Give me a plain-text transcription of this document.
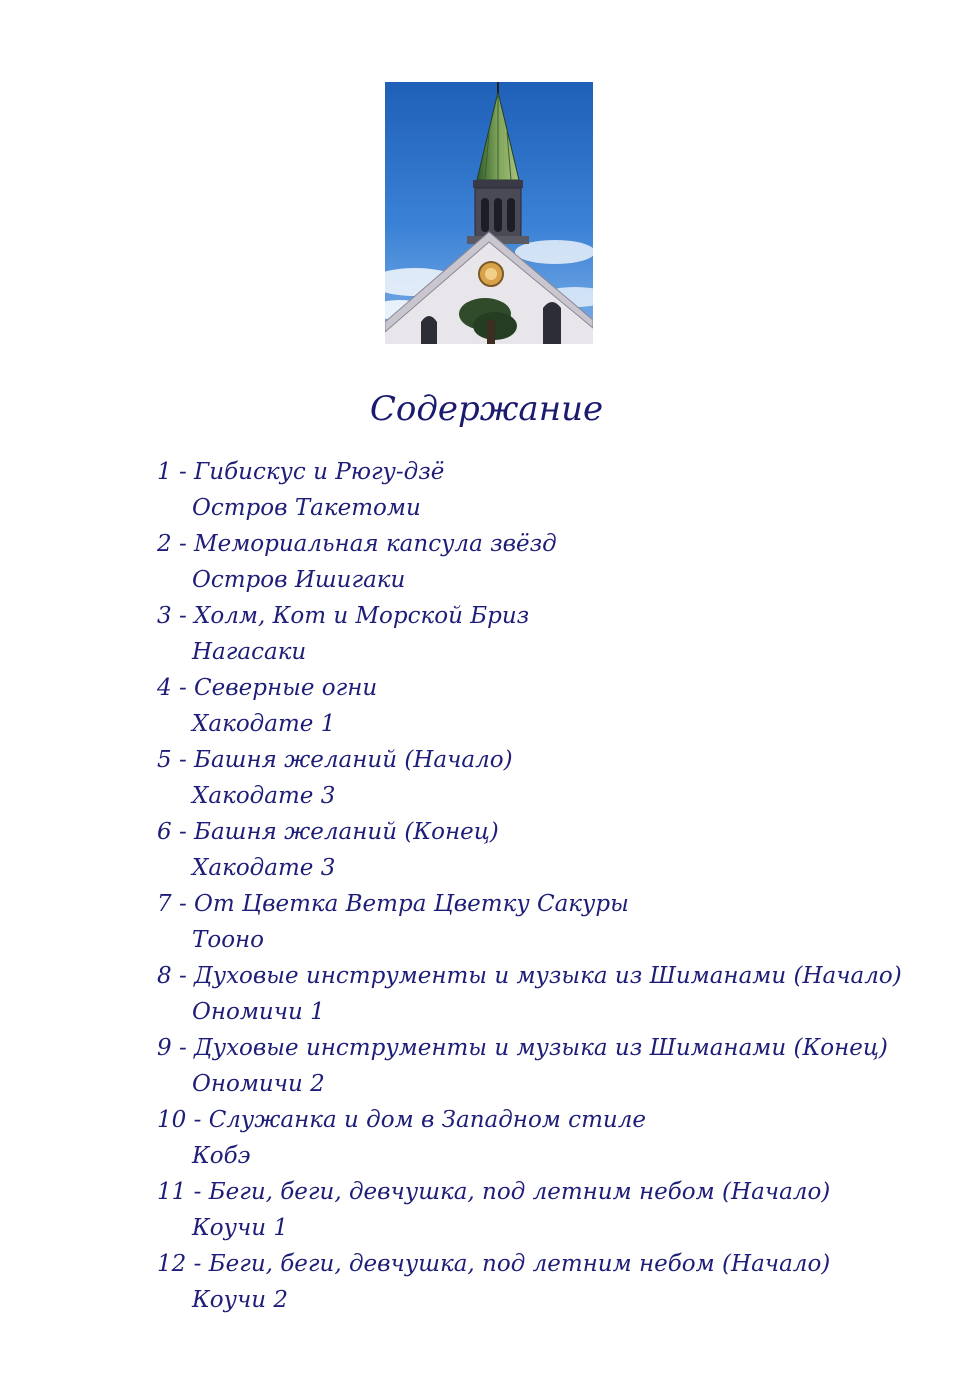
Содержание
1 - Гибискус и Рюгу-дзё
Остров Такетоми
2 - Мемориальная капсула звёзд
Остров Ишигаки
3 - Холм, Кот и Морской Бриз
Нагасаки
4 - Северные огни
Хакодате 1
5 - Башня желаний (Начало)
Хакодате 3
6 - Башня желаний (Конец)
Хакодате 3
7 - От Цветка Ветра Цветку Сакуры
Тооно
8 - Духовые инструменты и музыка из Шиманами (Начало)
Ономичи 1
9 - Духовые инструменты и музыка из Шиманами (Конец)
Ономичи 2
10 - Служанка и дом в Западном стиле
Кобэ
11 - Беги, беги, девчушка, под летним небом (Начало)
Коучи 1
12 - Беги, беги, девчушка, под летним небом (Начало)
Коучи 2
